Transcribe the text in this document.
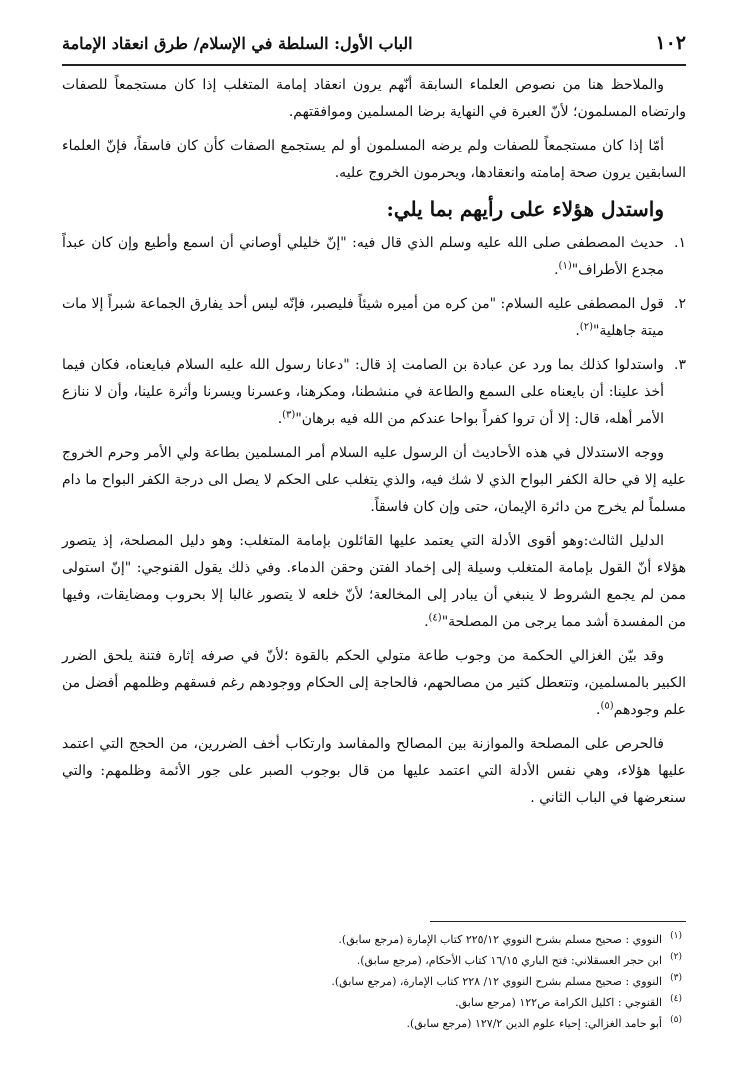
١٠٢
الباب الأول: السلطة في الإسلام/ طرق انعقاد الإمامة

والملاحظ هنا من نصوص العلماء السابقة أنّهم يرون انعقاد إمامة المتغلب إذا كان مستجمعاً للصفات وارتضاه المسلمون؛ لأنّ العبرة في النهاية برضا المسلمين وموافقتهم.

أمّا إذا كان مستجمعاً للصفات ولم يرضه المسلمون أو لم يستجمع الصفات كأن كان فاسقاً، فإنّ العلماء السابقين يرون صحة إمامته وانعقادها، ويحرمون الخروج عليه.

واستدل هؤلاء على رأيهم بما يلي:
١.
حديث المصطفى صلى الله عليه وسلم الذي قال فيه: "إنّ خليلي أوصاني أن اسمع وأطيع وإن كان عبداً مجدع الأطراف"$^{(١)}$.
٢.
قول المصطفى عليه السلام: "من كره من أميره شيئاً فليصبر، فإنّه ليس أحد يفارق الجماعة شبراً إلا مات ميتة جاهلية"$^{(٢)}$.
٣.
واستدلوا كذلك بما ورد عن عبادة بن الصامت إذ قال: "دعانا رسول الله عليه السلام فبايعناه، فكان فيما أخذ علينا: أن بايعناه على السمع والطاعة في منشطنا، ومكرهنا، وعسرنا ويسرنا وأثرة علينا، وأن لا ننازع الأمر أهله، قال: إلا أن تروا كفراً بواحا عندكم من الله فيه برهان"$^{(٣)}$.

ووجه الاستدلال في هذه الأحاديث أن الرسول عليه السلام أمر المسلمين بطاعة ولي الأمر وحرم الخروج عليه إلا في حالة الكفر البواح الذي لا شك فيه، والذي يتغلب على الحكم لا يصل الى درجة الكفر البواح ما دام مسلماً لم يخرج من دائرة الإيمان، حتى وإن كان فاسقاً.

الدليل الثالث:وهو أقوى الأدلة التي يعتمد عليها القائلون بإمامة المتغلب: وهو دليل المصلحة، إذ يتصور هؤلاء أنّ القول بإمامة المتغلب وسيلة إلى إخماد الفتن وحقن الدماء. وفي ذلك يقول القنوجي: "إنّ استولى ممن لم يجمع الشروط لا ينبغي أن يبادر إلى المخالعة؛ لأنّ خلعه لا يتصور غالبا إلا بحروب ومضايقات، وفيها من المفسدة أشد مما يرجى من المصلحة"$^{(٤)}$.

وقد بيّن الغزالي الحكمة من وجوب طاعة متولي الحكم بالقوة ؛لأنّ في صرفه إثارة فتنة يلحق الضرر الكبير بالمسلمين، وتتعطل كثير من مصالحهم، فالحاجة إلى الحكام ووجودهم رغم فسقهم وظلمهم أفضل من علم وجودهم$^{(٥)}$.

فالحرص على المصلحة والموازنة بين المصالح والمفاسد وارتكاب أخف الضررين، من الحجج التي اعتمد عليها هؤلاء، وهي نفس الأدلة التي اعتمد عليها من قال بوجوب الصبر على جور الأئمة وظلمهم: والتي سنعرضها في الباب الثاني .

(١)
النووي : صحيح مسلم بشرح النووي ٢٢٥/١٢ كتاب الإمارة (مرجع سابق).
(٢)
ابن حجر العسقلاني: فتح الباري ١٦/١٥ كتاب الأحكام، (مرجع سابق).
(٣)
النووي : صحيح مسلم بشرح النووي ١٢/ ٢٢٨ كتاب الإمارة، (مرجع سابق).
(٤)
القنوجي : اكليل الكرامة ص١٢٢ (مرجع سابق.
(٥)
أبو حامد الغزالي: إحياء علوم الدين ١٢٧/٢ (مرجع سابق).
